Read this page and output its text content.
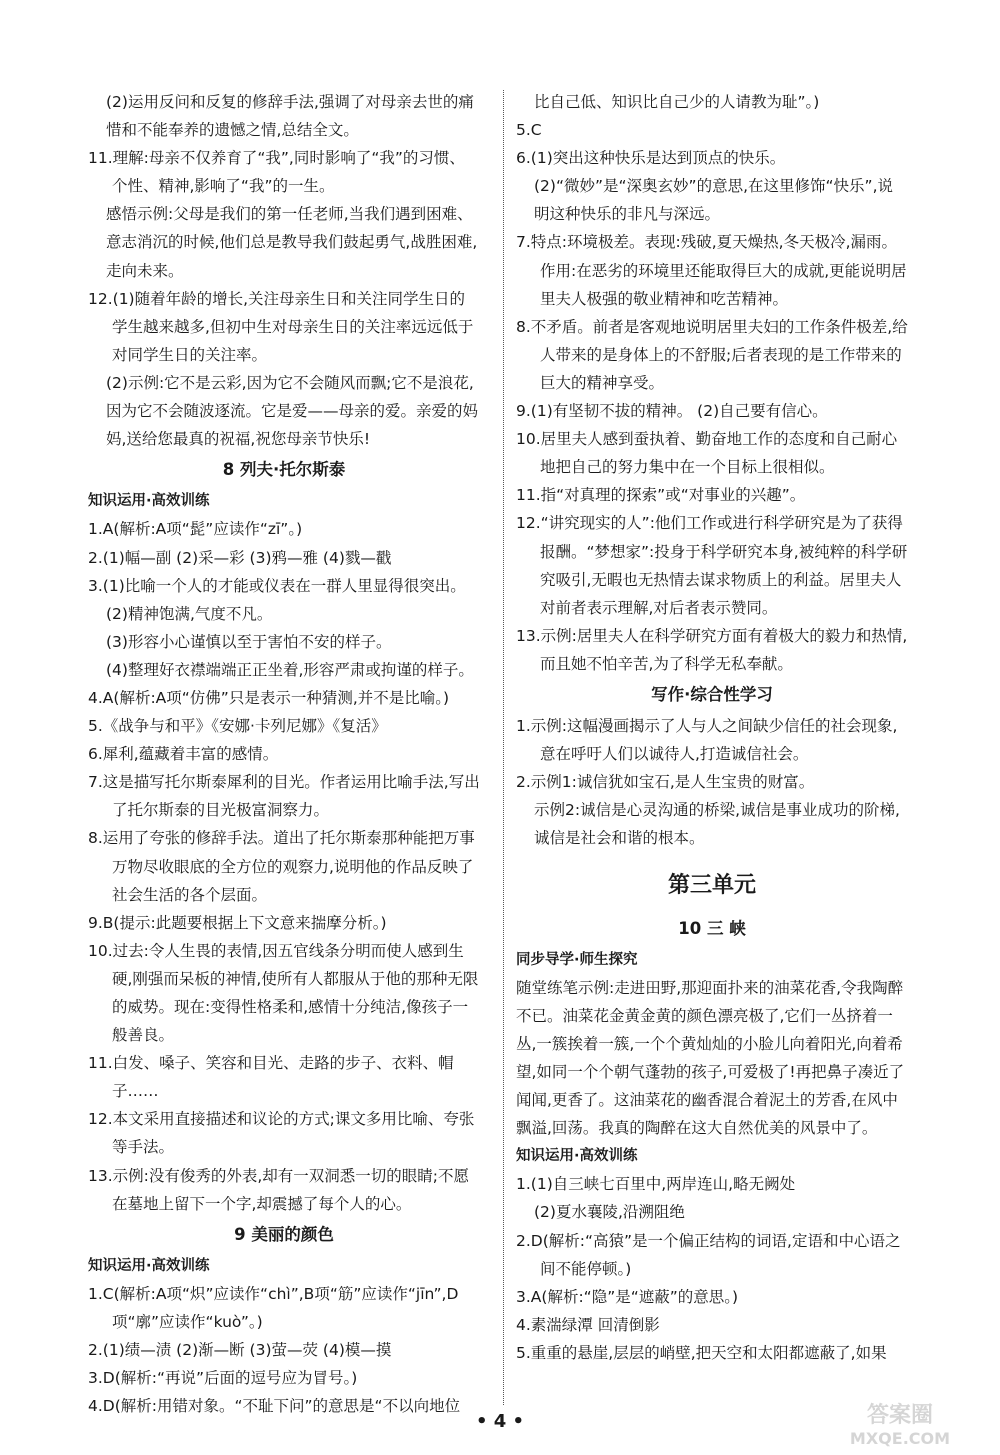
(2)运用反问和反复的修辞手法,强调了对母亲去世的痛惜和不能奉养的遗憾之情,总结全文。

11.理解:母亲不仅养育了“我”,同时影响了“我”的习惯、个性、精神,影响了“我”的一生。

感悟示例:父母是我们的第一任老师,当我们遇到困难、意志消沉的时候,他们总是教导我们鼓起勇气,战胜困难,走向未来。

12.(1)随着年龄的增长,关注母亲生日和关注同学生日的学生越来越多,但初中生对母亲生日的关注率远远低于对同学生日的关注率。

(2)示例:它不是云彩,因为它不会随风而飘;它不是浪花,因为它不会随波逐流。它是爱——母亲的爱。亲爱的妈妈,送给您最真的祝福,祝您母亲节快乐!

8 列夫·托尔斯泰

知识运用·高效训练

1.A(解析:A项“髭”应读作“zī”。)

2.(1)幅—副 (2)采—彩 (3)鸦—雅 (4)戮—戳

3.(1)比喻一个人的才能或仪表在一群人里显得很突出。

(2)精神饱满,气度不凡。

(3)形容小心谨慎以至于害怕不安的样子。

(4)整理好衣襟端端正正坐着,形容严肃或拘谨的样子。

4.A(解析:A项“仿佛”只是表示一种猜测,并不是比喻。)

5.《战争与和平》《安娜·卡列尼娜》《复活》

6.犀利,蕴藏着丰富的感情。

7.这是描写托尔斯泰犀利的目光。作者运用比喻手法,写出了托尔斯泰的目光极富洞察力。

8.运用了夸张的修辞手法。道出了托尔斯泰那种能把万事万物尽收眼底的全方位的观察力,说明他的作品反映了社会生活的各个层面。

9.B(提示:此题要根据上下文意来揣摩分析。)

10.过去:令人生畏的表情,因五官线条分明而使人感到生硬,刚强而呆板的神情,使所有人都服从于他的那种无限的威势。现在:变得性格柔和,感情十分纯洁,像孩子一般善良。

11.白发、嗓子、笑容和目光、走路的步子、衣料、帽子……

12.本文采用直接描述和议论的方式;课文多用比喻、夸张等手法。

13.示例:没有俊秀的外表,却有一双洞悉一切的眼睛;不愿在墓地上留下一个字,却震撼了每个人的心。

9 美丽的颜色

知识运用·高效训练

1.C(解析:A项“炽”应读作“chì”,B项“筋”应读作“jīn”,D项“廓”应读作“kuò”。)

2.(1)绩—渍 (2)渐—断 (3)萤—荧 (4)模—摸

3.D(解析:“再说”后面的逗号应为冒号。)

4.D(解析:用错对象。“不耻下问”的意思是“不以向地位

比自己低、知识比自己少的人请教为耻”。)

5.C

6.(1)突出这种快乐是达到顶点的快乐。

(2)“微妙”是“深奥玄妙”的意思,在这里修饰“快乐”,说明这种快乐的非凡与深远。

7.特点:环境极差。表现:残破,夏天燥热,冬天极冷,漏雨。作用:在恶劣的环境里还能取得巨大的成就,更能说明居里夫人极强的敬业精神和吃苦精神。

8.不矛盾。前者是客观地说明居里夫妇的工作条件极差,给人带来的是身体上的不舒服;后者表现的是工作带来的巨大的精神享受。

9.(1)有坚韧不拔的精神。 (2)自己要有信心。

10.居里夫人感到蚕执着、勤奋地工作的态度和自己耐心地把自己的努力集中在一个目标上很相似。

11.指“对真理的探索”或“对事业的兴趣”。

12.“讲究现实的人”:他们工作或进行科学研究是为了获得报酬。“梦想家”:投身于科学研究本身,被纯粹的科学研究吸引,无暇也无热情去谋求物质上的利益。居里夫人对前者表示理解,对后者表示赞同。

13.示例:居里夫人在科学研究方面有着极大的毅力和热情,而且她不怕辛苦,为了科学无私奉献。

写作·综合性学习

1.示例:这幅漫画揭示了人与人之间缺少信任的社会现象,意在呼吁人们以诚待人,打造诚信社会。

2.示例1:诚信犹如宝石,是人生宝贵的财富。

示例2:诚信是心灵沟通的桥梁,诚信是事业成功的阶梯,诚信是社会和谐的根本。

第三单元

10 三 峡

同步导学·师生探究

随堂练笔示例:走进田野,那迎面扑来的油菜花香,令我陶醉不已。油菜花金黄金黄的颜色漂亮极了,它们一丛挤着一丛,一簇挨着一簇,一个个黄灿灿的小脸儿向着阳光,向着希望,如同一个个朝气蓬勃的孩子,可爱极了!再把鼻子凑近了闻闻,更香了。这油菜花的幽香混合着泥土的芳香,在风中飘溢,回荡。我真的陶醉在这大自然优美的风景中了。

知识运用·高效训练

1.(1)自三峡七百里中,两岸连山,略无阙处

(2)夏水襄陵,沿溯阻绝

2.D(解析:“高猿”是一个偏正结构的词语,定语和中心语之间不能停顿。)

3.A(解析:“隐”是“遮蔽”的意思。)

4.素湍绿潭 回清倒影

5.重重的悬崖,层层的峭壁,把天空和太阳都遮蔽了,如果

• 4 •	答案圈
MXQE.COM
